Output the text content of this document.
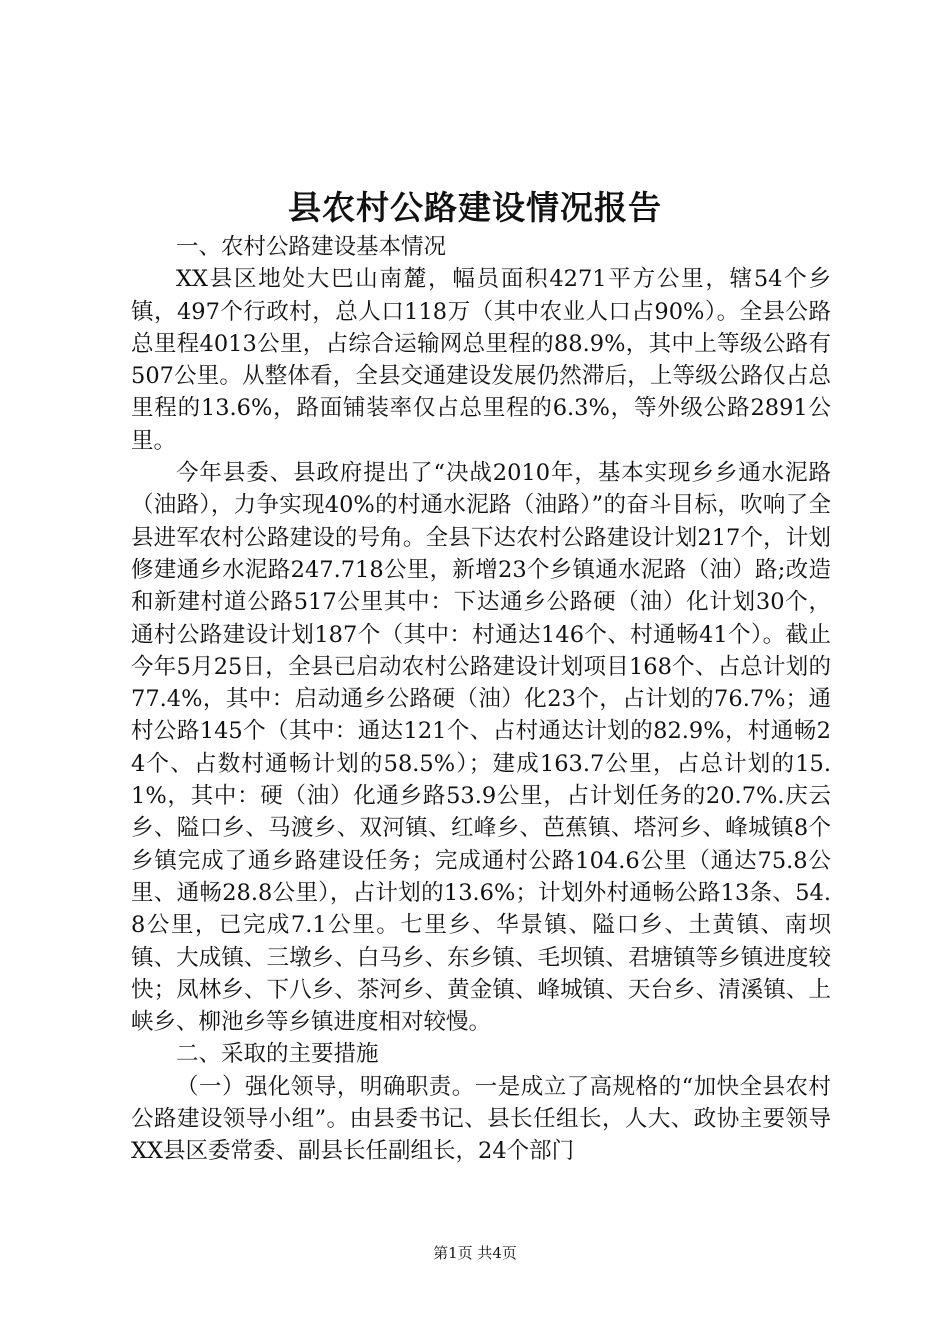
县农村公路建设情况报告

一、农村公路建设基本情况

XX县区地处大巴山南麓，幅员面积4271平方公里，辖54个乡镇，497个行政村，总人口118万（其中农业人口占90%）。全县公路总里程4013公里，占综合运输网总里程的88.9%，其中上等级公路有507公里。从整体看，全县交通建设发展仍然滞后，上等级公路仅占总里程的13.6%，路面铺装率仅占总里程的6.3%，等外级公路2891公里。

今年县委、县政府提出了“决战2010年，基本实现乡乡通水泥路（油路），力争实现40%的村通水泥路（油路）”的奋斗目标，吹响了全县进军农村公路建设的号角。全县下达农村公路建设计划217个，计划修建通乡水泥路247.718公里，新增23个乡镇通水泥路（油）路;改造和新建村道公路517公里其中：下达通乡公路硬（油）化计划30个，通村公路建设计划187个（其中：村通达146个、村通畅41个）。截止今年5月25日，全县已启动农村公路建设计划项目168个、占总计划的77.4%，其中：启动通乡公路硬（油）化23个，占计划的76.7%；通村公路145个（其中：通达121个、占村通达计划的82.9%，村通畅24个、占数村通畅计划的58.5%）；建成163.7公里，占总计划的15.1%，其中：硬（油）化通乡路53.9公里，占计划任务的20.7%.庆云乡、隘口乡、马渡乡、双河镇、红峰乡、芭蕉镇、塔河乡、峰城镇8个乡镇完成了通乡路建设任务；完成通村公路104.6公里（通达75.8公里、通畅28.8公里），占计划的13.6%；计划外村通畅公路13条、54.8公里，已完成7.1公里。七里乡、华景镇、隘口乡、土黄镇、南坝镇、大成镇、三墩乡、白马乡、东乡镇、毛坝镇、君塘镇等乡镇进度较快；凤林乡、下八乡、茶河乡、黄金镇、峰城镇、天台乡、清溪镇、上峡乡、柳池乡等乡镇进度相对较慢。

二、采取的主要措施

（一）强化领导，明确职责。一是成立了高规格的“加快全县农村公路建设领导小组”。由县委书记、县长任组长，人大、政协主要领导XX县区委常委、副县长任副组长，24个部门

第1页 共4页
